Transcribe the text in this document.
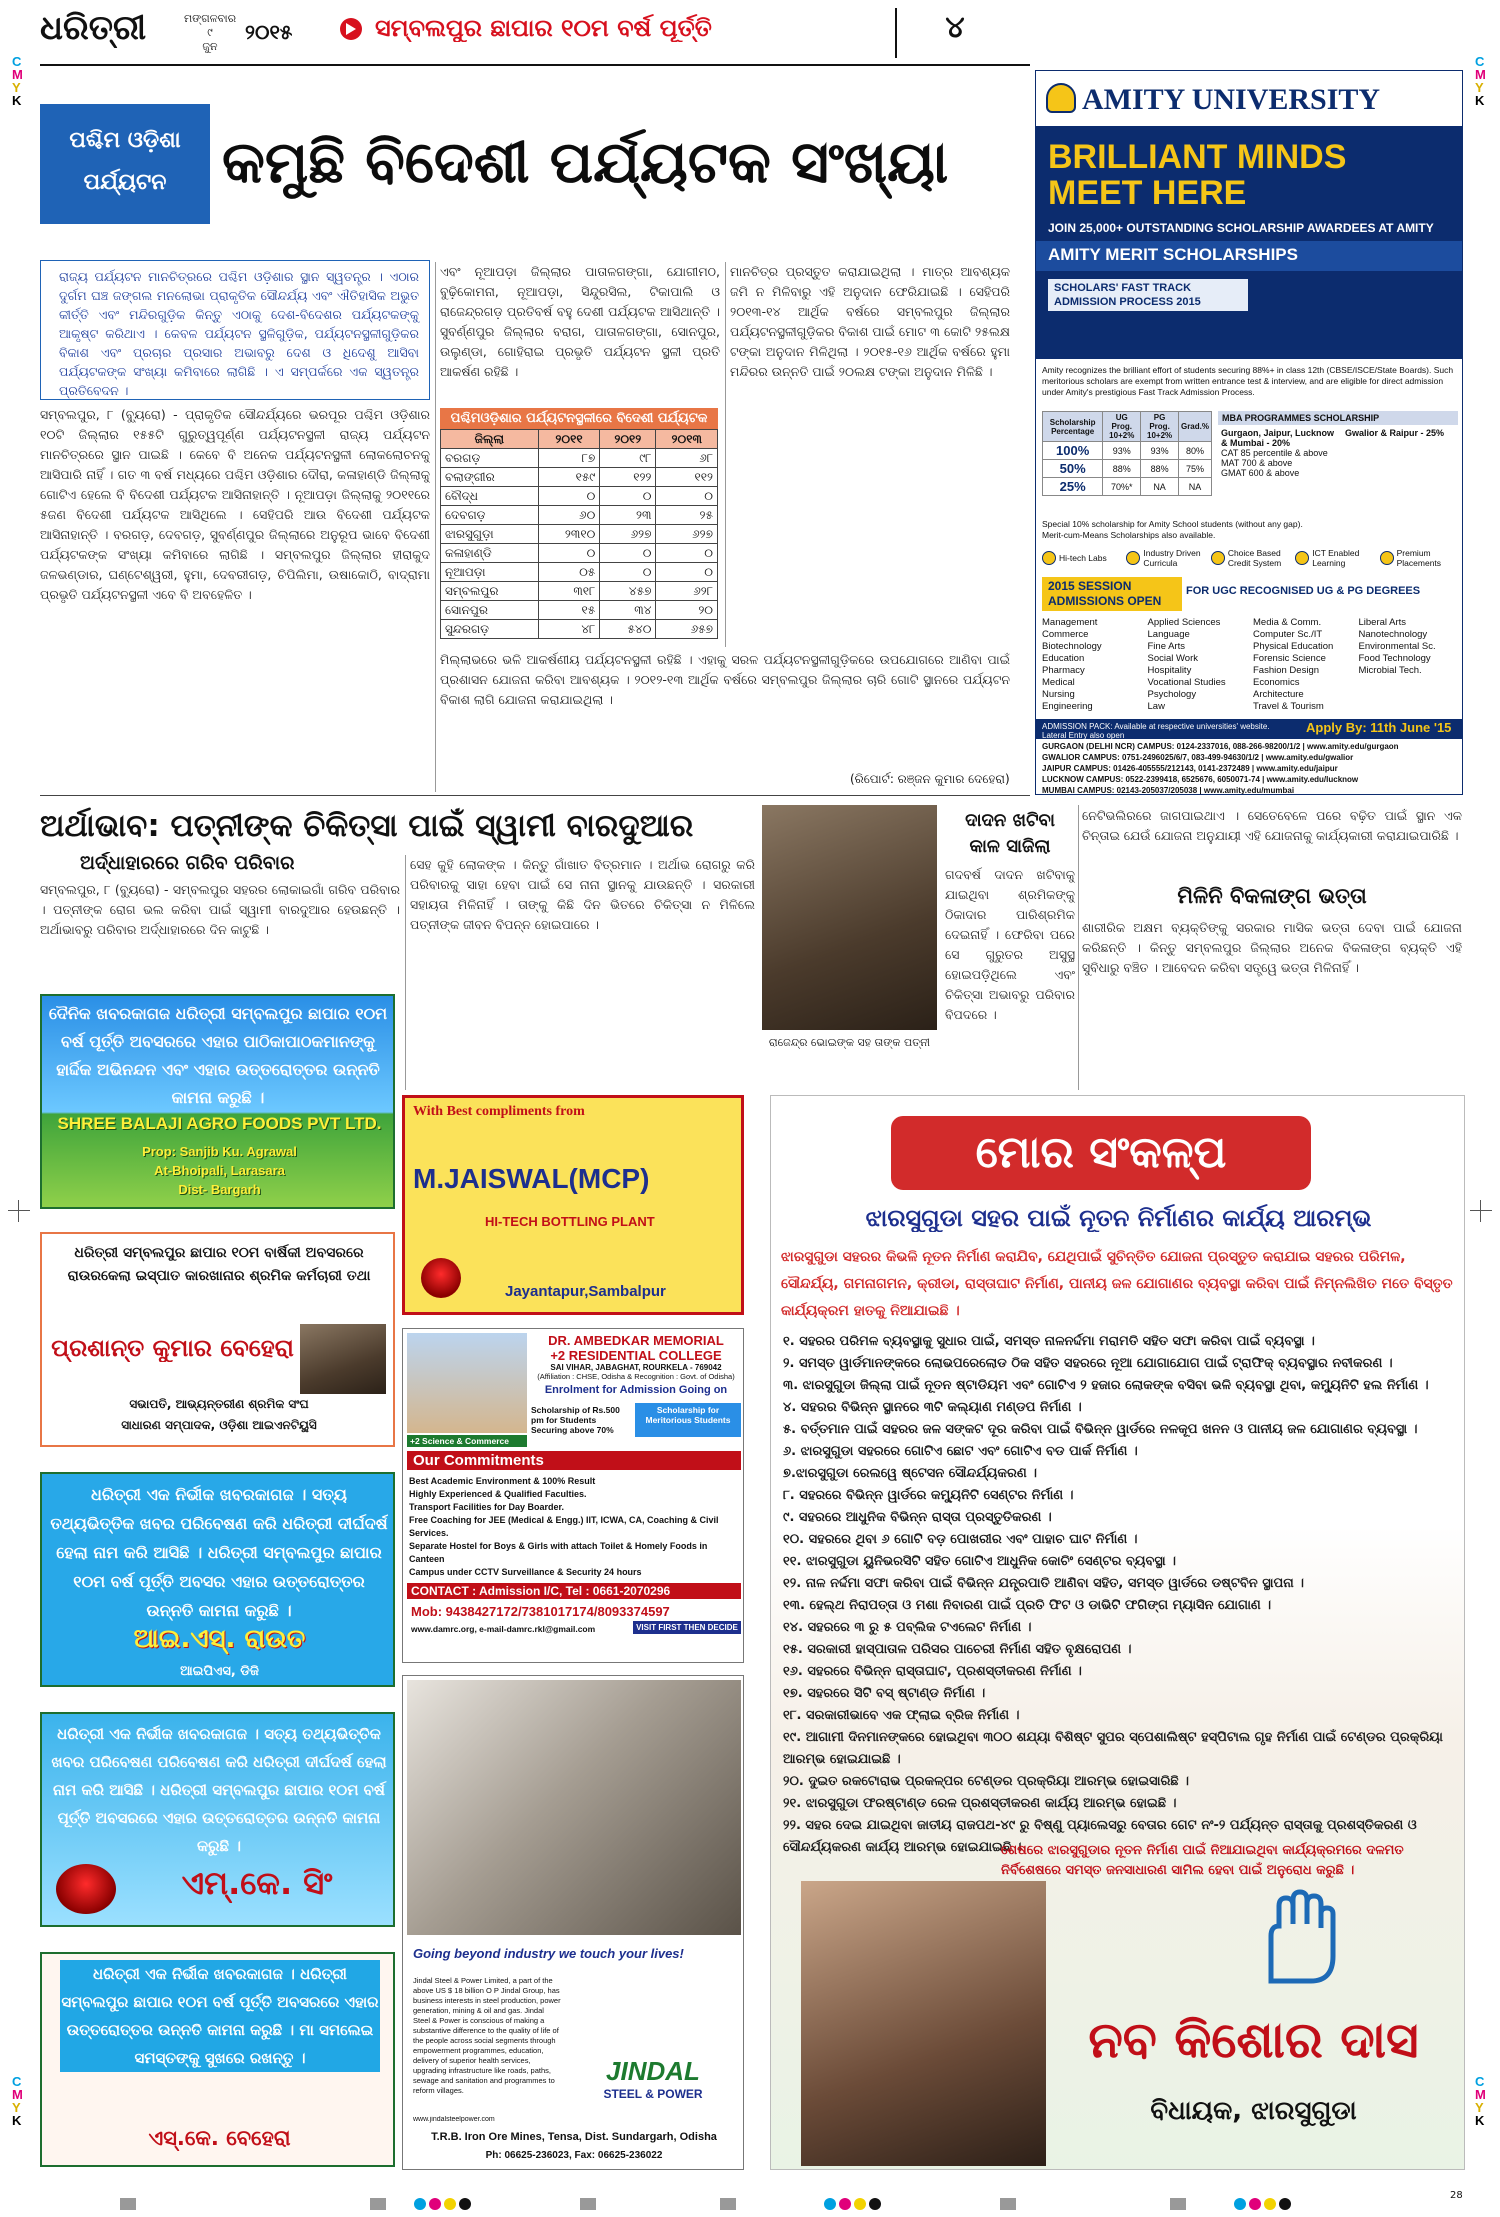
C
M
Y
K
C
M
Y
K
C
M
Y
K
C
M
Y
K
28
ଧରିତ୍ରୀ	ମଙ୍ଗଳବାର
୯
ଜୁନ
୨୦୧୫	ସମ୍ବଲପୁର ଛାପାର ୧୦ମ ବର୍ଷ ପୂର୍ତ୍ତି	୪
ପଶ୍ଚିମ ଓଡ଼ିଶା
ପର୍ଯ୍ୟଟନ କମୁଛି ବିଦେଶୀ ପର୍ଯ୍ୟଟକ ସଂଖ୍ୟା
ରାଜ୍ୟ ପର୍ଯ୍ୟଟନ ମାନଚିତ୍ରରେ ପଶ୍ଚିମ ଓଡ଼ିଶାର ସ୍ଥାନ ସ୍ୱତନ୍ତ୍ର । ଏଠାର ଦୁର୍ଗମ ଘଞ୍ଚ ଜଙ୍ଗଲ ମନଲୋଭା ପ୍ରାକୃତିକ ସୌନ୍ଦର୍ଯ୍ୟ ଏବଂ ଐତିହାସିକ ଅଭୁତ କୀର୍ତ୍ତି ଏବଂ ମନ୍ଦିରଗୁଡ଼ିକ କିନ୍ତୁ ଏଠାକୁ ଦେଶ-ବିଦେଶର ପର୍ଯ୍ୟଟକଙ୍କୁ ଆକୃଷ୍ଟ କରିଥାଏ । କେବଳ ପର୍ଯ୍ୟଟନ ସ୍ଥଳିଗୁଡ଼ିକ, ପର୍ଯ୍ୟଟନସ୍ଥଳୀଗୁଡ଼ିକର ବିକାଶ ଏବଂ ପ୍ରଚାର ପ୍ରସାର ଅଭାବରୁ ଦେଶ ଓ ଧିଦେଶୁ ଆସିବା ପର୍ଯ୍ୟଟକଙ୍କ ସଂଖ୍ୟା କମିବାରେ ଲାଗିଛି । ଏ ସମ୍ପର୍କରେ ଏକ ସ୍ୱତନ୍ତ୍ର ପ୍ରତିବେଦନ ।
ସମ୍ବଲପୁର, ୮ (ବ୍ୟୁରୋ) - ପ୍ରାକୃତିକ ସୌନ୍ଦର୍ଯ୍ୟରେ ଭରପୂର ପଶ୍ଚିମ ଓଡ଼ିଶାର ୧୦ଟି ଜିଲ୍ଲାର ୧୫୫ଟି ଗୁରୁତ୍ୱପୂର୍ଣ୍ଣ ପର୍ଯ୍ୟଟନସ୍ଥଳୀ ରାଜ୍ୟ ପର୍ଯ୍ୟଟନ ମାନଚିତ୍ରରେ ସ୍ଥାନ ପାଇଛି । କେବେ ବି ଅନେକ ପର୍ଯ୍ୟଟନସ୍ଥଳୀ ଲୋକଲୋଚନକୁ ଆସିପାରି ନାହିଁ । ଗତ ୩ ବର୍ଷ ମଧ୍ୟରେ ପଶ୍ଚିମ ଓଡ଼ିଶାର ଦୌରା, କଳାହାଣ୍ଡି ଜିଲ୍ଲାକୁ ଗୋଟିଏ ହେଲେ ବି ବିଦେଶୀ ପର୍ଯ୍ୟଟକ ଆସିନାହାନ୍ତି । ନୂଆପଡ଼ା ଜିଲ୍ଲାକୁ ୨୦୧୧ରେ ୫ଜଣ ବିଦେଶୀ ପର୍ଯ୍ୟଟକ ଆସିଥିଲେ । ସେହିପରି ଆଉ ବିଦେଶୀ ପର୍ଯ୍ୟଟକ ଆସିନାହାନ୍ତି । ବରଗଡ଼, ଦେବଗଡ଼, ସୁବର୍ଣ୍ଣପୁର ଜିଲ୍ଲାରେ ଅନୁରୂପ ଭାବେ ବିଦେଶୀ ପର୍ଯ୍ୟଟକଙ୍କ ସଂଖ୍ୟା କମିବାରେ ଲାଗିଛି । ସମ୍ବଲପୁର ଜିଲ୍ଲାର ହୀରାକୁଦ ଜଳଭଣ୍ଡାର, ଘଣ୍ଟେଶ୍ୱରୀ, ହୁମା, ଦେବରୀଗଡ଼, ଚିପିଲିମା, ଉଷାକୋଠି, ବାଦ୍ରାମା ପ୍ରଭୃତି ପର୍ଯ୍ୟଟନସ୍ଥଳୀ ଏବେ ବି ଅବହେଳିତ ।
ଏବଂ ନୂଆପଡ଼ା ଜିଲ୍ଲାର ପାତାଳଗଙ୍ଗା, ଯୋଗୀମଠ, ବୁଢ଼ିକୋମନା, ନୂଆପଡ଼ା, ସିନ୍ଦୁରସିଲ, ଟିକାପାଲି ଓ ରାଜେନ୍ଦ୍ରଗଡ଼ ପ୍ରତିବର୍ଷ ବହୁ ଦେଶୀ ପର୍ଯ୍ୟଟକ ଆସିଥାନ୍ତି । ସୁବର୍ଣ୍ଣପୁର ଜିଲ୍ଲାର ବରାଗ, ପାତାଳଗଙ୍ଗା, ସୋନପୁର, ଉଲୁଣ୍ଡା, ଗୋହିରାଇ ପ୍ରଭୃତି ପର୍ଯ୍ୟଟନ ସ୍ଥଳୀ ପ୍ରତି ଆକର୍ଷଣ ରହିଛି ।
ମାନଚିତ୍ର ପ୍ରସ୍ତୁତ କରାଯାଇଥିଲା । ମାତ୍ର ଆବଶ୍ୟକ ଜମି ନ ମିଳିବାରୁ ଏହି ଅନୁଦାନ ଫେରିଯାଇଛି । ସେହିପରି ୨୦୧୩-୧୪ ଆର୍ଥିକ ବର୍ଷରେ ସମ୍ବଲପୁର ଜିଲ୍ଲାର ପର୍ଯ୍ୟଟନସ୍ଥଳୀଗୁଡ଼ିକର ବିକାଶ ପାଇଁ ମୋଟ ୩ କୋଟି ୨୫ଲକ୍ଷ ଟଙ୍କା ଅନୁଦାନ ମିଳିଥିଲା । ୨୦୧୫-୧୬ ଆର୍ଥିକ ବର୍ଷରେ ହୁମା ମନ୍ଦିରର ଉନ୍ନତି ପାଇଁ ୨୦ଲକ୍ଷ ଟଙ୍କା ଅନୁଦାନ ମିଳିଛି ।
ପଶ୍ଚିମଓଡ଼ିଶାର ପର୍ଯ୍ୟଟନସ୍ଥଳୀରେ ବିଦେଶୀ ପର୍ଯ୍ୟଟକ
ଜିଲ୍ଲା	୨୦୧୧	୨୦୧୨	୨୦୧୩
ବରଗଡ଼	୮୭	୯୮	୬୮
ବଲାଙ୍ଗୀର	୧୫୯	୧୨୨	୧୧୨
ବୌଦ୍ଧ	୦	୦	୦
ଦେବଗଡ଼	୬୦	୨୩	୨୫
ଝାରସୁଗୁଡ଼ା	୨୩୧୦	୬୨୭	୬୨୭
କଳାହାଣ୍ଡି	୦	୦	୦
ନୂଆପଡ଼ା	୦୫	୦	୦
ସମ୍ବଲପୁର	୩୧୮	୪୫୭	୬୨୮
ସୋନପୁର	୧୫	୩୪	୨୦
ସୁନ୍ଦରଗଡ଼	୪୮	୫୪୦	୬୫୭
ମିଲ୍ଲାଭରେ ଭଳି ଆକର୍ଷଣୀୟ ପର୍ଯ୍ୟଟନସ୍ଥଳୀ ରହିଛି । ଏହାକୁ ସରଳ ପର୍ଯ୍ୟଟନସ୍ଥଳୀଗୁଡ଼ିକରେ ଉପଯୋଗରେ ଆଣିବା ପାଇଁ ପ୍ରଶାସନ ଯୋଜନା କରିବା ଆବଶ୍ୟକ । ୨୦୧୨-୧୩ ଆର୍ଥିକ ବର୍ଷରେ ସମ୍ବଲପୁର ଜିଲ୍ଲାର ଚାରି ଗୋଟି ସ୍ଥାନରେ ପର୍ଯ୍ୟଟନ ବିକାଶ ଲାଗି ଯୋଜନା କରାଯାଇଥିଲା ।
(ରିପୋର୍ଟ: ରଞ୍ଜନ କୁମାର ଦେହେରା)
AMITY UNIVERSITY
BRILLIANT MINDS
MEET HERE
JOIN 25,000+ OUTSTANDING SCHOLARSHIP AWARDEES AT AMITY
AMITY MERIT SCHOLARSHIPS
SCHOLARS' FAST TRACK
ADMISSION PROCESS 2015
Amity recognizes the brilliant effort of students securing 88%+ in class 12th (CBSE/ISCE/State Boards). Such meritorious scholars are exempt from written entrance test & interview, and are eligible for direct admission under Amity's prestigious Fast Track Admission Process.
Scholarship Percentage	UG Prog. 10+2%	PG Prog. 10+2%	Grad.%
100%	93%	93%	80%
50%	88%	88%	75%
25%	70%*	NA	NA
MBA PROGRAMMES SCHOLARSHIP
Gurgaon, Jaipur, Lucknow & Mumbai - 20%
CAT 85 percentile & above
MAT 700 & above
GMAT 600 & above
Gwalior & Raipur - 25%
Special 10% scholarship for Amity School students (without any gap).
Merit-cum-Means Scholarships also available.
Hi-tech Labs	Industry Driven Curricula
Choice Based Credit System
ICT Enabled Learning
Premium Placements
2015 SESSION
ADMISSIONS OPEN
FOR UGC RECOGNISED UG & PG DEGREES
Management
Commerce
Biotechnology
Education
Pharmacy
Medical
Nursing
Engineering
Applied Sciences
Language
Fine Arts
Social Work
Hospitality
Vocational Studies
Psychology
Law
Media & Comm.
Computer Sc./IT
Physical Education
Forensic Science
Fashion Design
Economics
Architecture
Travel & Tourism
Liberal Arts
Nanotechnology
Environmental Sc.
Food Technology
Microbial Tech.
ADMISSION PACK: Available at respective universities' website. Lateral Entry also open
Apply By: 11th June '15
GURGAON (DELHI NCR) CAMPUS: 0124-2337016, 088-266-98200/1/2 | www.amity.edu/gurgaon
GWALIOR CAMPUS: 0751-2496025/6/7, 083-499-94630/1/2 | www.amity.edu/gwalior
JAIPUR CAMPUS: 01426-405555/212143, 0141-2372489 | www.amity.edu/jaipur
LUCKNOW CAMPUS: 0522-2399418, 6525676, 6050071-74 | www.amity.edu/lucknow
MUMBAI CAMPUS: 02143-205037/205038 | www.amity.edu/mumbai
ଅର୍ଥାଭାବ: ପତ୍ନୀଙ୍କ ଚିକିତ୍ସା ପାଇଁ ସ୍ୱାମୀ ବାରଦୁଆର
ଅର୍ଦ୍ଧାହାରରେ ଗରିବ ପରିବାର
ସମ୍ବଲପୁର, ୮ (ବ୍ୟୁରୋ) - ସମ୍ବଲପୁର ସହରର ଲୋକାଇଗାଁ ଗରିବ ପରିବାର । ପତ୍ନୀଙ୍କ ରୋଗ ଭଲ କରିବା ପାଇଁ ସ୍ୱାମୀ ବାରଦୁଆର ହେଉଛନ୍ତି । ଅର୍ଥାଭାବରୁ ପରିବାର ଅର୍ଦ୍ଧାହାରରେ ଦିନ କାଟୁଛି ।
ସେହ କୁହି ଲୋକଙ୍କ । କିନ୍ତୁ ଗାଁଖାତ ବିତ୍ରମାନ । ଅର୍ଥାଭ ରୋଗରୁ କରି ପରିବାରକୁ ସାହା ହେବା ପାଇଁ ସେ ନାନା ସ୍ଥାନକୁ ଯାଉଛନ୍ତି । ସରକାରୀ ସହାୟତା ମିଳିନାହିଁ । ତାଙ୍କୁ କିଛି ଦିନ ଭିତରେ ଚିକିତ୍ସା ନ ମିଳିଲେ ପତ୍ନୀଙ୍କ ଜୀବନ ବିପନ୍ନ ହୋଇପାରେ ।
ରାଜେନ୍ଦ୍ର ଭୋଇଙ୍କ ସହ ତାଙ୍କ ପତ୍ନୀ
ଦାଦନ ଖଟିବା
କାଳ ସାଜିଲା
ଗଦବର୍ଷ ଦାଦନ ଖଟିବାକୁ ଯାଇଥିବା ଶ୍ରମିକଙ୍କୁ ଠିକାଦାର ପାରିଶ୍ରମିକ ଦେଇନାହିଁ । ଫେରିବା ପରେ ସେ ଗୁରୁତର ଅସୁସ୍ଥ ହୋଇପଡ଼ିଥିଲେ ଏବଂ ଚିକିତ୍ସା ଅଭାବରୁ ପରିବାର ବିପଦରେ ।
ନେଟିଭଲିରରେ ଜାଗପାଇଥାଏ । ସେତେବେଳେ ପରେ ବଢ଼ିତ ପାଇଁ ସ୍ଥାନ ଏକ ଚିନ୍ତାଇ ଯେଉଁ ଯୋଜନା ଅନୁଯାୟୀ ଏହି ଯୋଜନାକୁ କାର୍ଯ୍ୟକାରୀ କରାଯାଇପାରିଛି ।
ମିଳିନି ବିକଳାଙ୍ଗ ଭତ୍ତା
ଶାରୀରିକ ଅକ୍ଷମ ବ୍ୟକ୍ତିଙ୍କୁ ସରକାର ମାସିକ ଭତ୍ତା ଦେବା ପାଇଁ ଯୋଜନା କରିଛନ୍ତି । କିନ୍ତୁ ସମ୍ବଲପୁର ଜିଲ୍ଲାର ଅନେକ ବିକଳାଙ୍ଗ ବ୍ୟକ୍ତି ଏହି ସୁବିଧାରୁ ବଞ୍ଚିତ । ଆବେଦନ କରିବା ସତ୍ତ୍ୱେ ଭତ୍ତା ମିଳିନାହିଁ ।
ଦୈନିକ ଖବରକାଗଜ ଧରିତ୍ରୀ ସମ୍ବଲପୁର ଛାପାର ୧୦ମ ବର୍ଷ ପୂର୍ତ୍ତି ଅବସରରେ ଏହାର ପାଠିକାପାଠକମାନଙ୍କୁ ହାର୍ଦ୍ଦିକ ଅଭିନନ୍ଦନ ଏବଂ ଏହାର ଉତ୍ତରୋତ୍ତର ଉନ୍ନତି କାମନା କରୁଛି ।
SHREE BALAJI AGRO FOODS PVT LTD.
Prop: Sanjib Ku. Agrawal
At-Bhoipali, Larasara
Dist- Bargarh
ଧରିତ୍ରୀ ସମ୍ବଲପୁର ଛାପାର ୧୦ମ ବାର୍ଷିକୀ ଅବସରରେ ରାଉରକେଲା ଇସ୍ପାତ କାରଖାନାର ଶ୍ରମିକ କର୍ମଚାରୀ ତଥା
ପ୍ରଶାନ୍ତ କୁମାର ବେହେରା
ସଭାପତି, ଆଭ୍ୟନ୍ତରୀଣ ଶ୍ରମିକ ସଂଘ
ସାଧାରଣ ସମ୍ପାଦକ, ଓଡ଼ିଶା ଆଇଏନଟିୟୁସି
ଧରିତ୍ରୀ ଏକ ନିର୍ଭୀକ ଖବରକାଗଜ । ସତ୍ୟ ତଥ୍ୟଭିତ୍ତିକ ଖବର ପରିବେଷଣ କରି ଧରିତ୍ରୀ ଦୀର୍ଘଦର୍ଷ ହେଲା ନାମ କରି ଆସିଛି । ଧରିତ୍ରୀ ସମ୍ବଲପୁର ଛାପାର ୧୦ମ ବର୍ଷ ପୂର୍ତ୍ତି ଅବସର ଏହାର ଉତ୍ତରୋତ୍ତର ଉନ୍ନତି କାମନା କରୁଛି ।
ଆଇ.ଏସ୍. ରାଉତ
ଆଇପିଏସ, ଡିଜି
ଧରିତ୍ରୀ ଏକ ନିର୍ଭୀକ ଖବରକାଗଜ । ସତ୍ୟ ତଥ୍ୟଭିତ୍ତିକ ଖବର ପରିବେଷଣ ପରିବେଷଣ କରି ଧରିତ୍ରୀ ଦୀର୍ଘଦର୍ଷ ହେଲା ନାମ କରି ଆସିଛି । ଧରିତ୍ରୀ ସମ୍ବଲପୁର ଛାପାର ୧୦ମ ବର୍ଷ ପୂର୍ତ୍ତି ଅବସରରେ ଏହାର ଉତ୍ତରୋତ୍ତର ଉନ୍ନତି କାମନା କରୁଛି ।
ଏମ୍.କେ. ସିଂ
ଧରିତ୍ରୀ ଏକ ନିର୍ଭୀକ ଖବରକାଗଜ । ଧରିତ୍ରୀ ସମ୍ବଲପୁର ଛାପାର ୧୦ମ ବର୍ଷ ପୂର୍ତ୍ତି ଅବସରରେ ଏହାର ଉତ୍ତରୋତ୍ତର ଉନ୍ନତି କାମନା କରୁଛି । ମା ସମଲେଇ ସମସ୍ତଙ୍କୁ ସୁଖରେ ରଖନ୍ତୁ ।
ଏସ୍.କେ. ବେହେରା
With Best compliments from
M.JAISWAL(MCP)
HI-TECH BOTTLING PLANT
Jayantapur,Sambalpur
DR. AMBEDKAR MEMORIAL
+2 RESIDENTIAL COLLEGE
SAI VIHAR, JABAGHAT, ROURKELA - 769042
(Affiliation : CHSE, Odisha & Recognition : Govt. of Odisha)
Enrolment for Admission Going on
Scholarship of Rs.500 pm for Students Securing above 70%
Scholarship for Meritorious Students
+2 Science & Commerce
Our Commitments
Best Academic Environment & 100% Result
Highly Experienced & Qualified Faculties.
Transport Facilities for Day Boarder.
Free Coaching for JEE (Medical & Engg.) IIT, ICWA, CA, Coaching & Civil Services.
Separate Hostel for Boys & Girls with attach Toilet & Homely Foods in Canteen
Campus under CCTV Surveillance & Security 24 hours
CONTACT : Admission I/C, Tel : 0661-2070296
Mob: 9438427172/7381017174/8093374597
www.damrc.org, e-mail-damrc.rkl@gmail.com	VISIT FIRST THEN DECIDE
Going beyond industry we touch your lives!
Jindal Steel & Power Limited, a part of the above US $ 18 billion O P Jindal Group, has business interests in steel production, power generation, mining & oil and gas. Jindal Steel & Power is conscious of making a substantive difference to the quality of life of the people across social segments through empowerment programmes, education, delivery of superior health services, upgrading infrastructure like roads, paths, sewage and sanitation and programmes to reform villages.
www.jindalsteelpower.com
JINDAL
STEEL & POWER
T.R.B. Iron Ore Mines, Tensa, Dist. Sundargarh, Odisha
Ph: 06625-236023, Fax: 06625-236022
ମୋର ସଂକଳ୍ପ
ଝାରସୁଗୁଡା ସହର ପାଇଁ ନୂତନ ନିର୍ମାଣର କାର୍ଯ୍ୟ ଆରମ୍ଭ
ଝାରସୁଗୁଡା ସହରର କିଭଳି ନୂତନ ନିର୍ମାଣ କରାଯିବ, ଯେଥିପାଇଁ ସୁଚିନ୍ତିତ ଯୋଜନା ପ୍ରସ୍ତୁତ କରାଯାଇ ସହରର ପରିମଳ, ସୌନ୍ଦର୍ଯ୍ୟ, ଗମନାଗମନ, କ୍ରୀଡା, ରାସ୍ତାଘାଟ ନିର୍ମାଣ, ପାନୀୟ ଜଳ ଯୋଗାଣର ବ୍ୟବସ୍ଥା କରିବା ପାଇଁ ନିମ୍ନଲିଖିତ ମତେ ବିସ୍ତୃତ କାର୍ଯ୍ୟକ୍ରମ ହାତକୁ ନିଆଯାଇଛି ।
୧. ସହରର ପରିମଳ ବ୍ୟବସ୍ଥାକୁ ସୁଧାର ପାଇଁ, ସମସ୍ତ ନାଳନର୍ଦ୍ଦମା ମରାମତି ସହିତ ସଫା କରିବା ପାଇଁ ବ୍ୟବସ୍ଥା ।
୨. ସମସ୍ତ ୱାର୍ଡମାନଙ୍କରେ ଲୋଭପରେଲୋଡ ଠିକ ସହିତ ସହରରେ ନୂଆ ଯୋଗାଯୋଗ ପାଇଁ ଟ୍ରାଫିକ୍ ବ୍ୟବସ୍ଥାର ନବୀକରଣ ।
୩. ଝାରସୁଗୁଡା ଜିଲ୍ଲା ପାଇଁ ନୂତନ ଷ୍ଟାଡିୟମ ଏବଂ ଗୋଟିଏ ୨ ହଜାର ଲୋକଙ୍କ ବସିବା ଭଳି ବ୍ୟବସ୍ଥା ଥିବା, କମ୍ୟୁନିଟି ହଲ ନିର୍ମାଣ ।
୪. ସହରର ବିଭିନ୍ନ ସ୍ଥାନରେ ୩ଟି କଲ୍ୟାଣ ମଣ୍ଡପ ନିର୍ମାଣ ।
୫. ବର୍ତ୍ତମାନ ପାଇଁ ସହରର ଜଳ ସଙ୍କଟ ଦୂର କରିବା ପାଇଁ ବିଭିନ୍ନ ୱାର୍ଡରେ ନଳକୂପ ଖନନ ଓ ପାନୀୟ ଜଳ ଯୋଗାଣର ବ୍ୟବସ୍ଥା ।
୬. ଝାରସୁଗୁଡା ସହରରେ ଗୋଟିଏ ଛୋଟ ଏବଂ ଗୋଟିଏ ବଡ ପାର୍କ ନିର୍ମାଣ ।
୭.ଝାରସୁଗୁଡା ରେଲୱେ ଷ୍ଟେସନ ସୌନ୍ଦର୍ଯ୍ୟକରଣ ।
୮. ସହରରେ ବିଭିନ୍ନ ୱାର୍ଡରେ କମ୍ୟୁନିଟି ସେଣ୍ଟର ନିର୍ମାଣ ।
୯. ସହରରେ ଆଧୁନିକ ବିଭିନ୍ନ ରାସ୍ତା ପ୍ରସ୍ତୁତିକରଣ ।
୧୦. ସହରରେ ଥିବା ୬ ଗୋଟି ବଡ଼ ପୋଖରୀର ଏବଂ ପାହାଚ ଘାଟ ନିର୍ମାଣ ।
୧୧. ଝାରସୁଗୁଡା ୟୁନିଭରସିଟି ସହିତ ଗୋଟିଏ ଆଧୁନିକ କୋଚିଂ ସେଣ୍ଟର ବ୍ୟବସ୍ଥା ।
୧୨. ନାଳ ନର୍ଦ୍ଦମା ସଫା କରିବା ପାଇଁ ବିଭିନ୍ନ ଯନ୍ତ୍ରପାତି ଆଣିବା ସହିତ, ସମସ୍ତ ୱାର୍ଡରେ ଡଷ୍ଟବିନ ସ୍ଥାପନା ।
୧୩. ହେଲ୍ଥ ନିରାପତ୍ତା ଓ ମଶା ନିବାରଣ ପାଇଁ ପ୍ରତି ଫିଟ ଓ ଡାଭିଟି ଫଗିଙ୍ଗ ମ୍ୟାସିନ ଯୋଗାଣ ।
୧୪. ସହରରେ ୩ ରୁ ୫ ପବ୍ଲିକ ଟଏଲେଟ ନିର୍ମାଣ ।
୧୫. ସରକାରୀ ହାସ୍ପାତାଳ ପରିସର ପାଚେରୀ ନିର୍ମାଣ ସହିତ ବୃକ୍ଷରୋପଣ ।
୧୬. ସହରରେ ବିଭିନ୍ନ ରାସ୍ତାଘାଟ, ପ୍ରଶସ୍ତୀକରଣ ନିର୍ମାଣ ।
୧୭. ସହରରେ ସିଟି ବସ୍ ଷ୍ଟାଣ୍ଡ ନିର୍ମାଣ ।
୧୮. ସରକାରୀଭାବେ ଏକ ଫ୍ଲାଇ ବ୍ରିଜ ନିର୍ମାଣ ।
୧୯. ଆଗାମୀ ଦିନମାନଙ୍କରେ ହୋଇଥିବା ୩୦୦ ଶଯ୍ୟା ବିଶିଷ୍ଟ ସୁପର ସ୍ପେଶାଲିଷ୍ଟ ହସ୍ପିଟାଲ ଗୃହ ନିର୍ମାଣ ପାଇଁ ଟେଣ୍ଡର ପ୍ରକ୍ରିୟା ଆରମ୍ଭ ହୋଇଯାଇଛି ।
୨୦. ଦୁଇତ ରକଟୋରାଭ ପ୍ରକଳ୍ପର ଟେଣ୍ଡର ପ୍ରକ୍ରିୟା ଆରମ୍ଭ ହୋଇସାରିଛି ।
୨୧. ଝାରସୁଗୁଡା ଫରଷ୍ଟାଣ୍ଡ ରେଳ ପ୍ରଶସ୍ତୀକରଣ କାର୍ଯ୍ୟ ଆରମ୍ଭ ହୋଇଛି ।
୨୨. ସହର ଦେଇ ଯାଇଥିବା ଜାତୀୟ ରାଜପଥ-୪୯ ରୁ ବିଷ୍ଣୁ ପ୍ୟାଲେସରୁ ବେତାର ଗେଟ ନଂ-୨ ପର୍ଯ୍ୟନ୍ତ ରାସ୍ତାକୁ ପ୍ରଶସ୍ତିକରଣ ଓ ସୌନ୍ଦର୍ଯ୍ୟକରଣ କାର୍ଯ୍ୟ ଆରମ୍ଭ ହୋଇଯାଇଛି ।
ଶେଷରେ ଝାରସୁଗୁଡାର ନୂତନ ନିର୍ମାଣ ପାଇଁ ନିଆଯାଇଥିବା କାର୍ଯ୍ୟକ୍ରମରେ ଦଳମତ ନିର୍ବିଶେଷରେ ସମସ୍ତ ଜନସାଧାରଣ ସାମିଲ ହେବା ପାଇଁ ଅନୁରୋଧ କରୁଛି ।
ନବ କିଶୋର ଦାସ
ବିଧାୟକ, ଝାରସୁଗୁଡା
